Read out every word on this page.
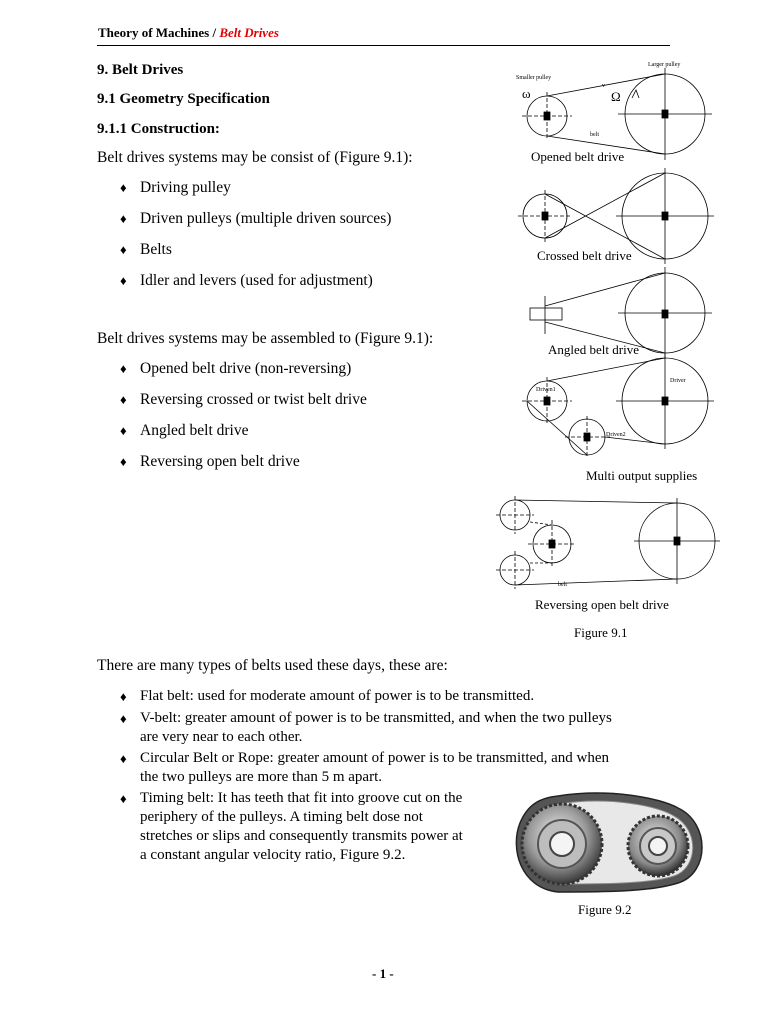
Theory of Machines / Belt Drives
9. Belt Drives
9.1 Geometry Specification
9.1.1 Construction:
Belt drives systems may be consist of (Figure 9.1):
♦ Driving pulley
♦ Driven pulleys (multiple driven sources)
♦ Belts
♦ Idler and levers (used for adjustment)
Belt drives systems may be assembled to (Figure 9.1):
♦ Opened belt drive (non-reversing)
♦ Reversing crossed or twist belt drive
♦ Angled belt drive
♦ Reversing open belt drive
Smaller pulley
Larger pulley
ω	Ω
v
belt
Driven1
Driven2
Driver
belt
Opened belt drive
Crossed belt drive
Angled belt drive
Multi output supplies
Reversing open belt drive
Figure 9.1
There are many types of belts used these days, these are:
♦ Flat belt: used for moderate amount of power is to be transmitted.
♦ V-belt: greater amount of power is to be transmitted, and when the two pulleys
are very near to each other.
♦ Circular Belt or Rope: greater amount of power is to be transmitted, and when
the two pulleys are more than 5 m apart.
♦ Timing belt: It has teeth that fit into groove cut on the
periphery of the pulleys. A timing belt dose not
stretches or slips and consequently transmits power at
a constant angular velocity ratio, Figure 9.2.
Figure 9.2
- 1 -
